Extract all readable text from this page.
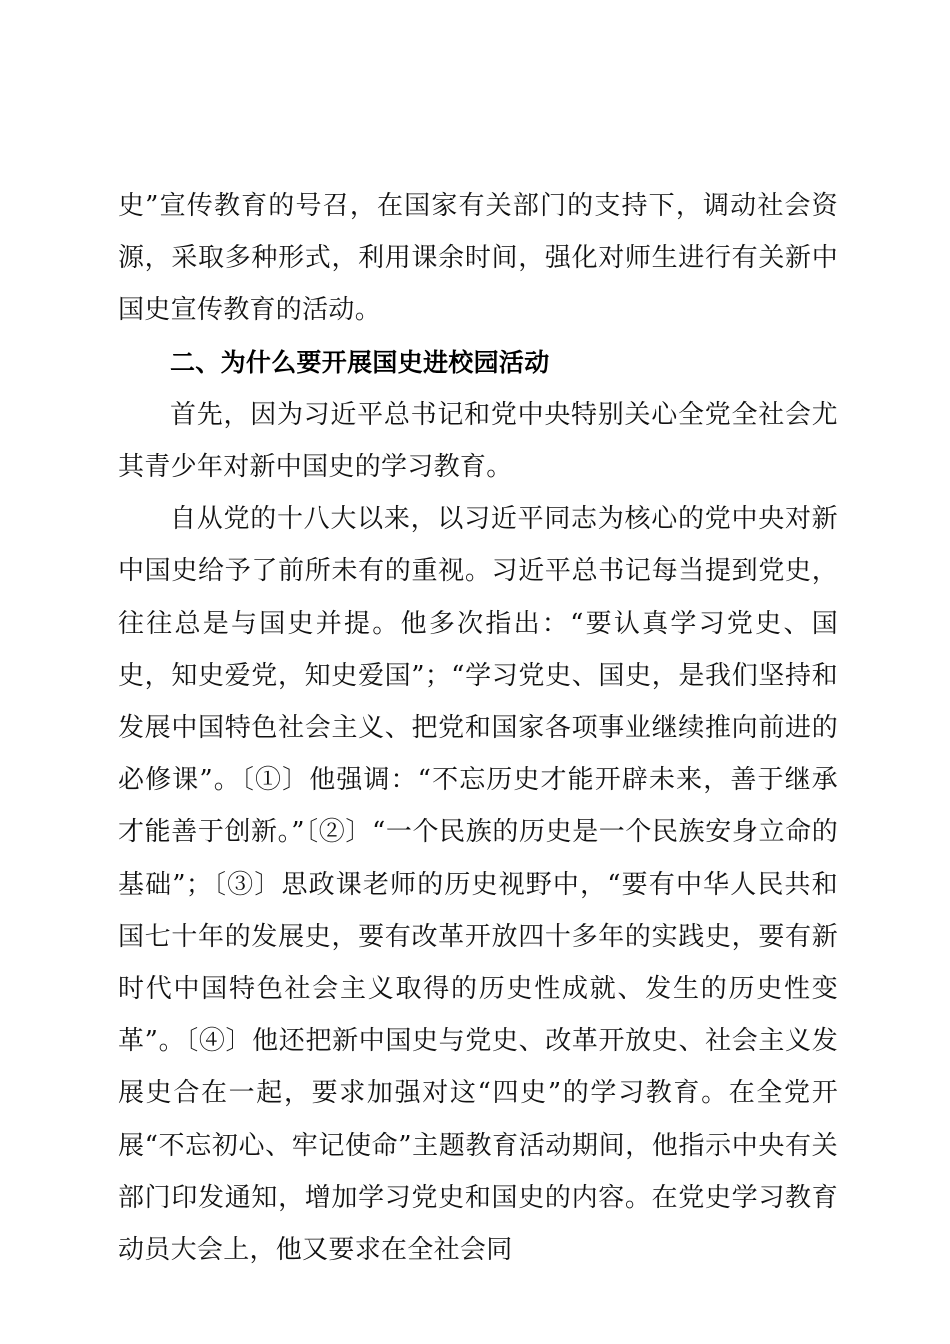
史”宣传教育的号召，在国家有关部门的支持下，调动社会资源，采取多种形式，利用课余时间，强化对师生进行有关新中国史宣传教育的活动。

二、为什么要开展国史进校园活动

首先，因为习近平总书记和党中央特别关心全党全社会尤其青少年对新中国史的学习教育。

自从党的十八大以来，以习近平同志为核心的党中央对新中国史给予了前所未有的重视。习近平总书记每当提到党史，往往总是与国史并提。他多次指出：“要认真学习党史、国史，知史爱党，知史爱国”；“学习党史、国史，是我们坚持和发展中国特色社会主义、把党和国家各项事业继续推向前进的必修课”。〔①〕他强调：“不忘历史才能开辟未来，善于继承才能善于创新。”〔②〕“一个民族的历史是一个民族安身立命的基础”；〔③〕思政课老师的历史视野中，“要有中华人民共和国七十年的发展史，要有改革开放四十多年的实践史，要有新时代中国特色社会主义取得的历史性成就、发生的历史性变革”。〔④〕他还把新中国史与党史、改革开放史、社会主义发展史合在一起，要求加强对这“四史”的学习教育。在全党开展“不忘初心、牢记使命”主题教育活动期间，他指示中央有关部门印发通知，增加学习党史和国史的内容。在党史学习教育动员大会上，他又要求在全社会同
